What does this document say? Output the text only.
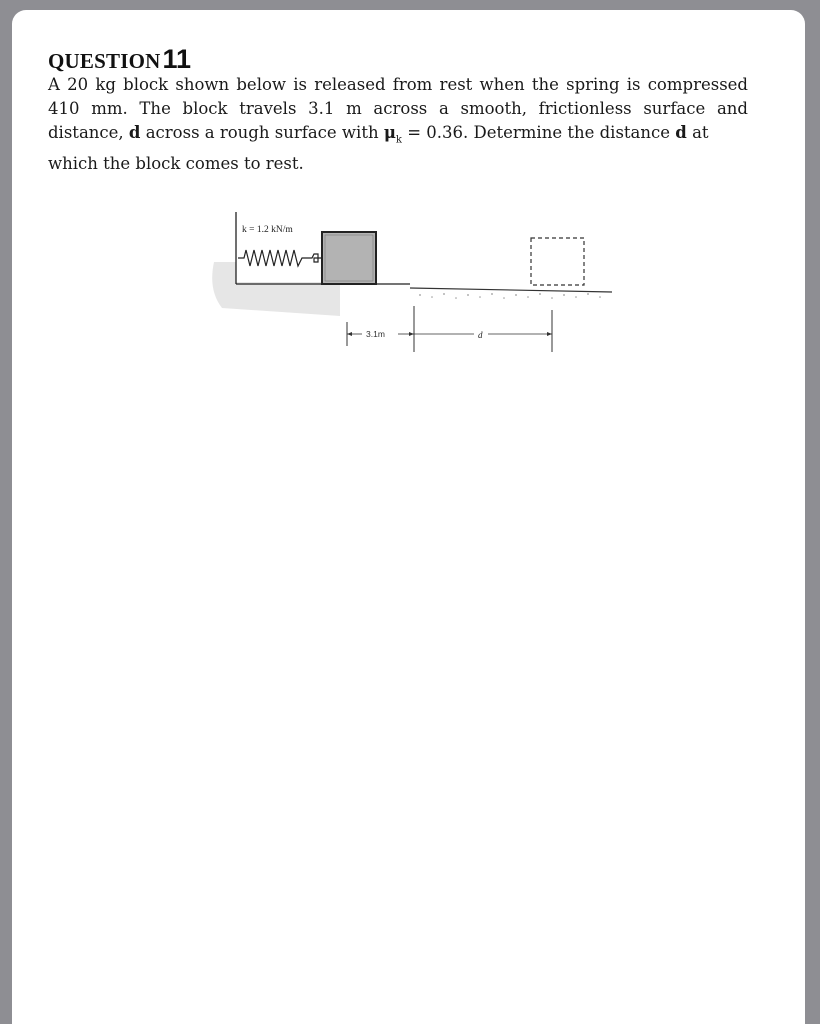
QUESTION11

A 20 kg block shown below is released from rest when the spring is compressed
410 mm. The block travels 3.1 m across a smooth, frictionless surface and
distance, d across a rough surface with $\mu_k = 0.36$. Determine the distance d at
which the block comes to rest.

k = 1.2 kN/m
3.1m	d
